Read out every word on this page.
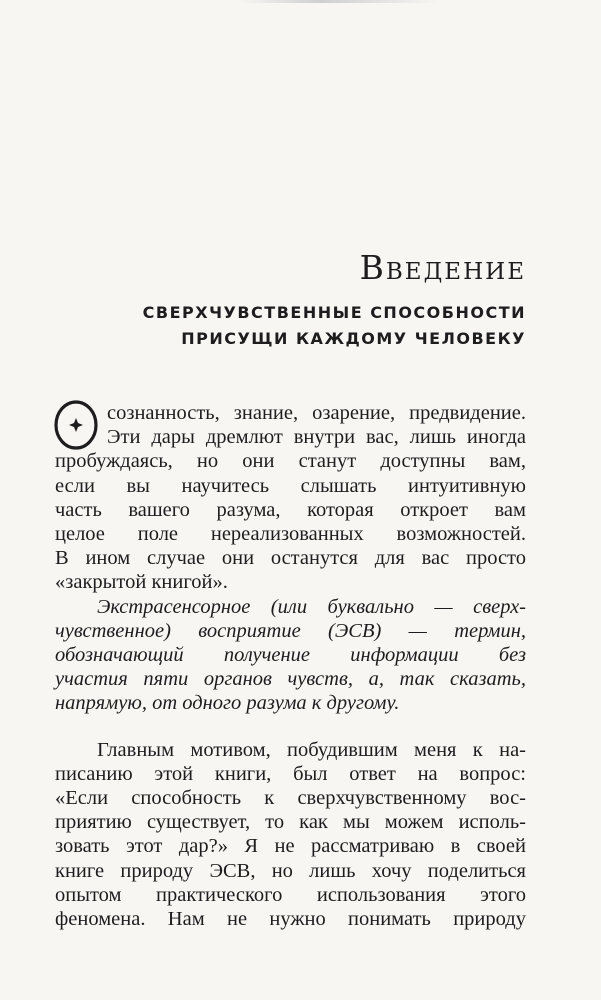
Введение
СВЕРХЧУВСТВЕННЫЕ СПОСОБНОСТИ
ПРИСУЩИ КАЖДОМУ ЧЕЛОВЕКУ

сознанность, знание, озарение, предвидение.
Эти дары дремлют внутри вас, лишь иногда
пробуждаясь, но они станут доступны вам,
если вы научитесь слышать интуитивную
часть вашего разума, которая откроет вам
целое поле нереализованных возможностей.
В ином случае они останутся для вас просто
«закрытой книгой».

Экстрасенсорное (или буквально — сверх-
чувственное) восприятие (ЭСВ) — термин,
обозначающий получение информации без
участия пяти органов чувств, а, так сказать,
напрямую, от одного разума к другому.

Главным мотивом, побудившим меня к на-
писанию этой книги, был ответ на вопрос:
«Если способность к сверхчувственному вос-
приятию существует, то как мы можем исполь-
зовать этот дар?» Я не рассматриваю в своей
книге природу ЭСВ, но лишь хочу поделиться
опытом практического использования этого
феномена. Нам не нужно понимать природу
